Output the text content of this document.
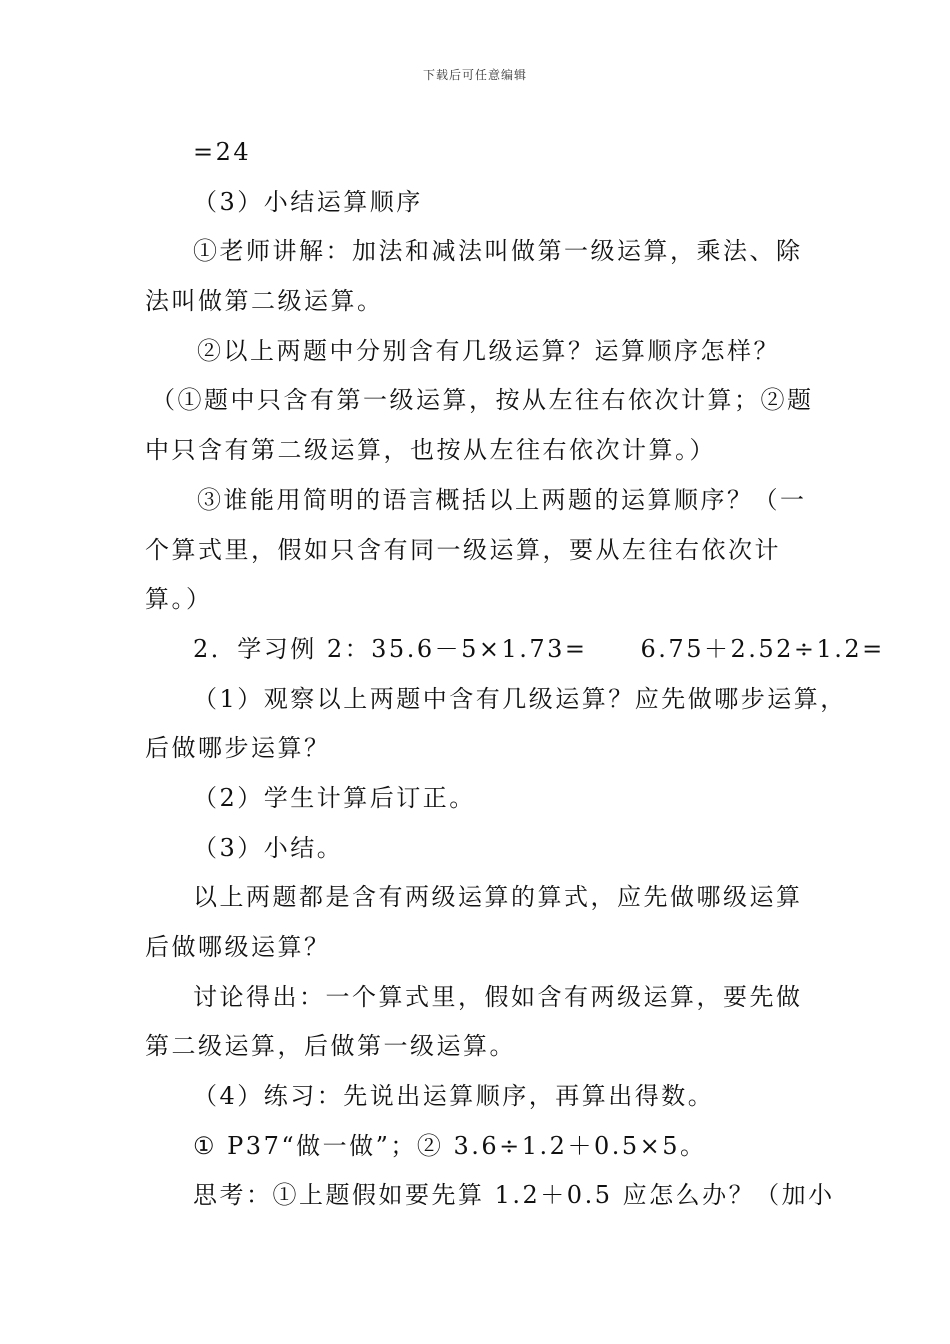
下载后可任意编辑
=24
（3）小结运算顺序
①老师讲解：加法和减法叫做第一级运算，乘法、除
法叫做第二级运算。
②以上两题中分别含有几级运算？运算顺序怎样？
（①题中只含有第一级运算，按从左往右依次计算；②题
中只含有第二级运算，也按从左往右依次计算。）
③谁能用简明的语言概括以上两题的运算顺序？（一
个算式里，假如只含有同一级运算，要从左往右依次计
算。）
2．学习例 2：35.6－5×1.73=　　6.75＋2.52÷1.2=
（1）观察以上两题中含有几级运算？应先做哪步运算，
后做哪步运算？
（2）学生计算后订正。
（3）小结。
以上两题都是含有两级运算的算式，应先做哪级运算
后做哪级运算？
讨论得出：一个算式里，假如含有两级运算，要先做
第二级运算，后做第一级运算。
（4）练习：先说出运算顺序，再算出得数。
① P37“做一做”；② 3.6÷1.2＋0.5×5。
思考：①上题假如要先算 1.2＋0.5 应怎么办？（加小
